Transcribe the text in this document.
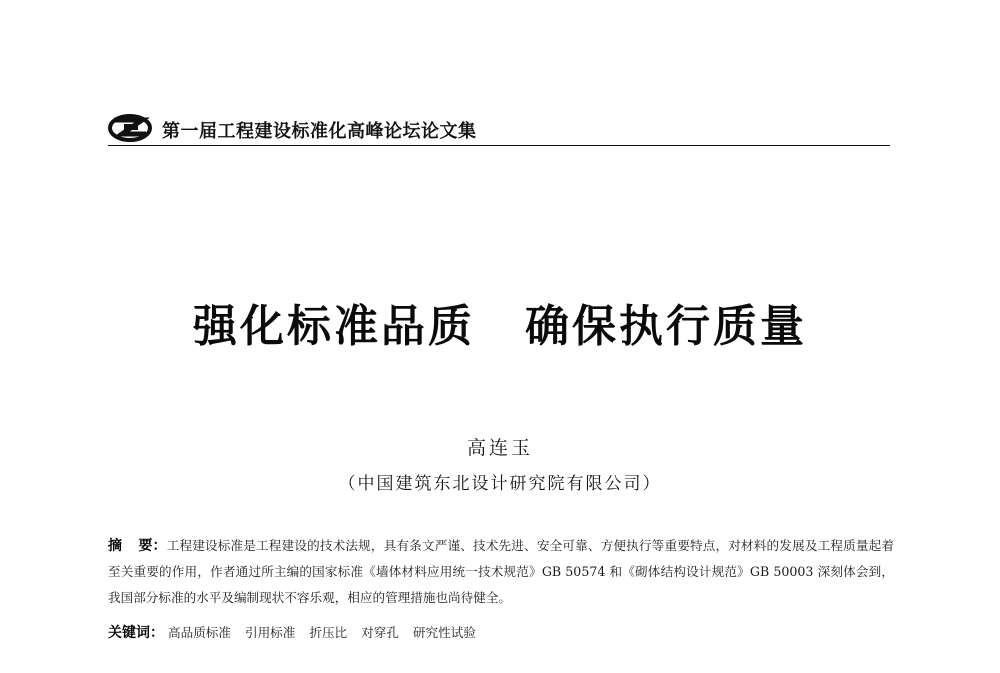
第一届工程建设标准化高峰论坛论文集
强化标准品质 确保执行质量
高连玉
（中国建筑东北设计研究院有限公司）
摘 要：工程建设标准是工程建设的技术法规，具有条文严谨、技术先进、安全可靠、方便执行等重要特点，对材料的发展及工程质量起着至关重要的作用，作者通过所主编的国家标准《墙体材料应用统一技术规范》GB 50574 和《砌体结构设计规范》GB 50003 深刻体会到，我国部分标准的水平及编制现状不容乐观，相应的管理措施也尚待健全。
关键词： 高品质标准 引用标准 折压比 对穿孔 研究性试验
